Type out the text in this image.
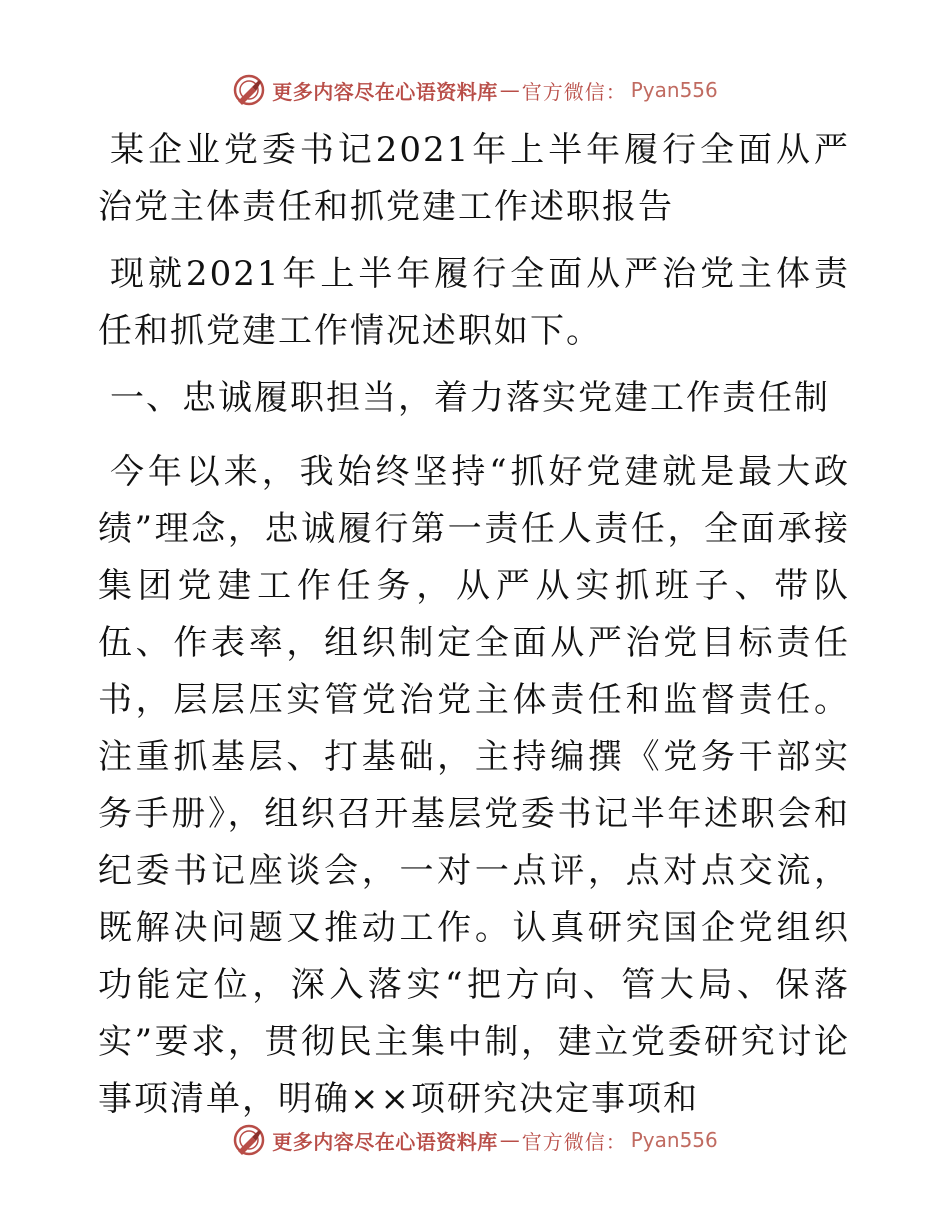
更多内容尽在心语资料库 — 官方微信： Pyan556

某企业党委书记2021年上半年履行全面从严治党主体责任和抓党建工作述职报告

现就2021年上半年履行全面从严治党主体责任和抓党建工作情况述职如下。

一、忠诚履职担当，着力落实党建工作责任制

今年以来，我始终坚持“抓好党建就是最大政绩”理念，忠诚履行第一责任人责任，全面承接集团党建工作任务，从严从实抓班子、带队伍、作表率，组织制定全面从严治党目标责任书，层层压实管党治党主体责任和监督责任。注重抓基层、打基础，主持编撰《党务干部实务手册》，组织召开基层党委书记半年述职会和纪委书记座谈会，一对一点评，点对点交流，既解决问题又推动工作。认真研究国企党组织功能定位，深入落实“把方向、管大局、保落实”要求，贯彻民主集中制，建立党委研究讨论事项清单，明确××项研究决定事项和

更多内容尽在心语资料库 — 官方微信： Pyan556
